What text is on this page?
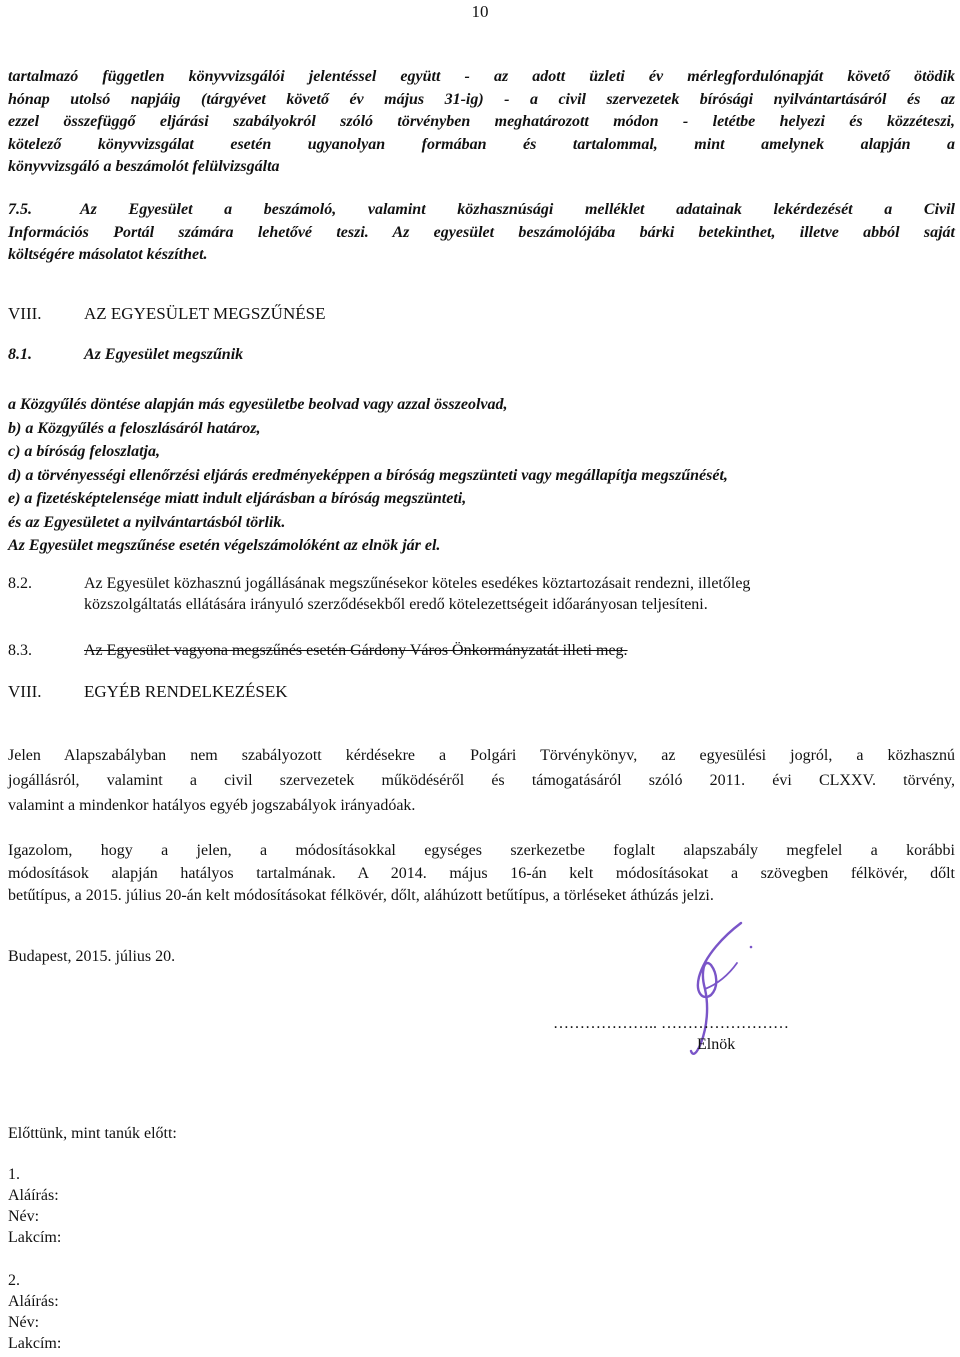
10
tartalmazó független könyvvizsgálói jelentéssel együtt - az adott üzleti év mérlegfordulónapját követő ötödik
hónap utolsó napjáig (tárgyévet követő év május 31-ig) - a civil szervezetek bírósági nyilvántartásáról és az
ezzel összefüggő eljárási szabályokról szóló törvényben meghatározott módon - letétbe helyezi és közzéteszi,
kötelező könyvvizsgálat esetén ugyanolyan formában és tartalommal, mint amelynek alapján a
könyvvizsgáló a beszámolót felülvizsgálta
7.5.	Az Egyesület a beszámoló, valamint közhasznúsági melléklet adatainak lekérdezését a Civil
Információs Portál számára lehetővé teszi. Az egyesület beszámolójába bárki betekinthet, illetve abból saját
költségére másolatot készíthet.
VIII. AZ EGYESÜLET MEGSZŰNÉSE
8.1.	Az Egyesület megszűnik
a Közgyűlés döntése alapján más egyesületbe beolvad vagy azzal összeolvad,
b) a Közgyűlés a feloszlásáról határoz,
c) a bíróság feloszlatja,
d) a törvényességi ellenőrzési eljárás eredményeképpen a bíróság megszünteti vagy megállapítja megszűnését,
e) a fizetésképtelensége miatt indult eljárásban a bíróság megszünteti,
és az Egyesületet a nyilvántartásból törlik.
Az Egyesület megszűnése esetén végelszámolóként az elnök jár el.
8.2.	Az Egyesület közhasznú jogállásának megszűnésekor köteles esedékes köztartozásait rendezni, illetőleg
közszolgáltatás ellátására irányuló szerződésekből eredő kötelezettségeit időarányosan teljesíteni.
8.3.	Az Egyesület vagyona megszűnés esetén Gárdony Város Önkormányzatát illeti meg.
VIII. EGYÉB RENDELKEZÉSEK
Jelen Alapszabályban nem szabályozott kérdésekre a Polgári Törvénykönyv, az egyesülési jogról, a közhasznú
jogállásról, valamint a civil szervezetek működéséről és támogatásáról szóló 2011. évi CLXXV. törvény,
valamint a mindenkor hatályos egyéb jogszabályok irányadóak.
Igazolom, hogy a jelen, a módosításokkal egységes szerkezetbe foglalt alapszabály megfelel a korábbi
módosítások alapján hatályos tartalmának. A 2014. május 16-án kelt módosításokat a szövegben félkövér, dőlt
betűtípus, a 2015. július 20-án kelt módosításokat félkövér, dőlt, aláhúzott betűtípus, a törléseket áthúzás jelzi.
Budapest, 2015. július 20.
……………….. ……………………
Elnök
Előttünk, mint tanúk előtt:
1.
Aláírás:
Név:
Lakcím:
2.
Aláírás:
Név:
Lakcím:
